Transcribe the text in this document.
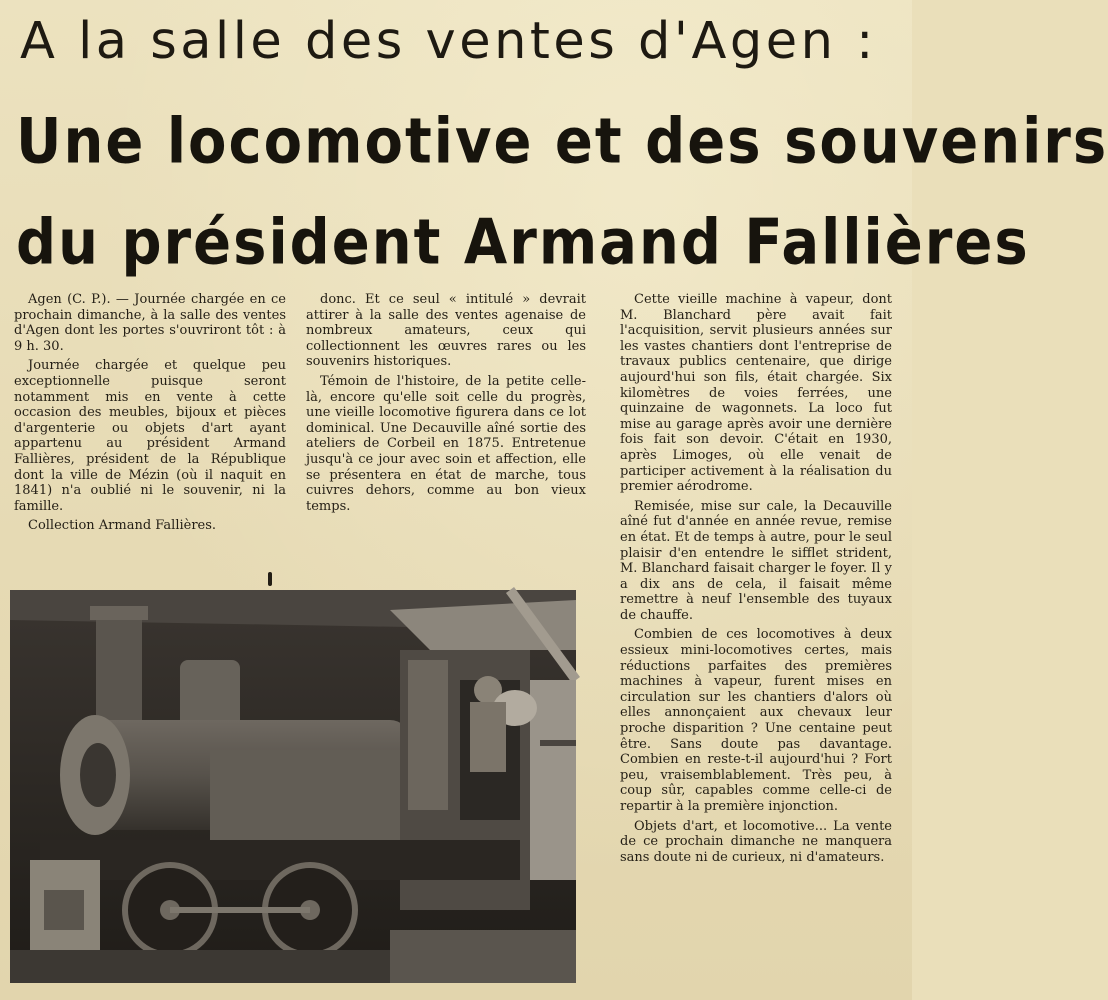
A la salle des ventes d'Agen :
Une locomotive et des souvenirs
du président Armand Fallières

Agen (C. P.). — Journée chargée en ce prochain dimanche, à la salle des ventes d'Agen dont les portes s'ouvriront tôt : à 9 h. 30.

Journée chargée et quelque peu exceptionnelle puisque seront notamment mis en vente à cette occasion des meubles, bijoux et pièces d'argenterie ou objets d'art ayant appartenu au président Armand Fallières, président de la République dont la ville de Mézin (où il naquit en 1841) n'a oublié ni le souvenir, ni la famille.

Collection Armand Fallières.

donc. Et ce seul « intitulé » devrait attirer à la salle des ventes agenaise de nombreux amateurs, ceux qui collectionnent les œuvres rares ou les souvenirs historiques.

Témoin de l'histoire, de la petite celle-là, encore qu'elle soit celle du progrès, une vieille locomotive figurera dans ce lot dominical. Une Decauville aîné sortie des ateliers de Corbeil en 1875. Entretenue jusqu'à ce jour avec soin et affection, elle se présentera en état de marche, tous cuivres dehors, comme au bon vieux temps.

Cette vieille machine à vapeur, dont M. Blanchard père avait fait l'acquisition, servit plusieurs années sur les vastes chantiers dont l'entreprise de travaux publics centenaire, que dirige aujourd'hui son fils, était chargée. Six kilomètres de voies ferrées, une quinzaine de wagonnets. La loco fut mise au garage après avoir une dernière fois fait son devoir. C'était en 1930, après Limoges, où elle venait de participer activement à la réalisation du premier aérodrome.

Remisée, mise sur cale, la Decauville aîné fut d'année en année revue, remise en état. Et de temps à autre, pour le seul plaisir d'en entendre le sifflet strident, M. Blanchard faisait charger le foyer. Il y a dix ans de cela, il faisait même remettre à neuf l'ensemble des tuyaux de chauffe.

Combien de ces locomotives à deux essieux mini-locomotives certes, mais réductions parfaites des premières machines à vapeur, furent mises en circulation sur les chantiers d'alors où elles annonçaient aux chevaux leur proche disparition ? Une centaine peut être. Sans doute pas davantage. Combien en reste-t-il aujourd'hui ? Fort peu, vraisemblablement. Très peu, à coup sûr, capables comme celle-ci de repartir à la première injonction.

Objets d'art, et locomotive... La vente de ce prochain dimanche ne manquera sans doute ni de curieux, ni d'amateurs.
